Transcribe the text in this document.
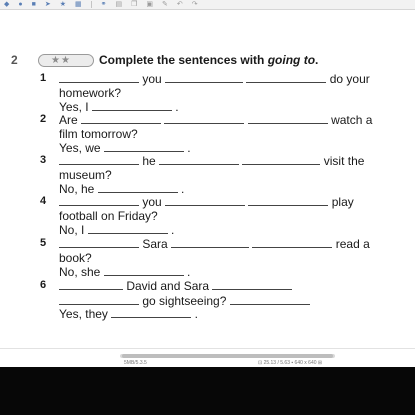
◆ ● ■ ➤ ★ ▦	⚭ ▤ ❐ ▣ ✎ ↶ ↷
2	★★	Complete the sentences with going to.
1	you	do your
homework?
Yes, I	.
2 Are	watch a
film tomorrow?
Yes, we	.
3	he	visit the
museum?
No, he	.
4	you	play
football on Friday?
No, I	.
5	Sara	read a
book?
No, she	.
6	David and Sara
go sightseeing?
Yes, they	.
5MB/5.3.5	⊡ 25.13 / 5.63 ▪ 640 x 640 ⊞
